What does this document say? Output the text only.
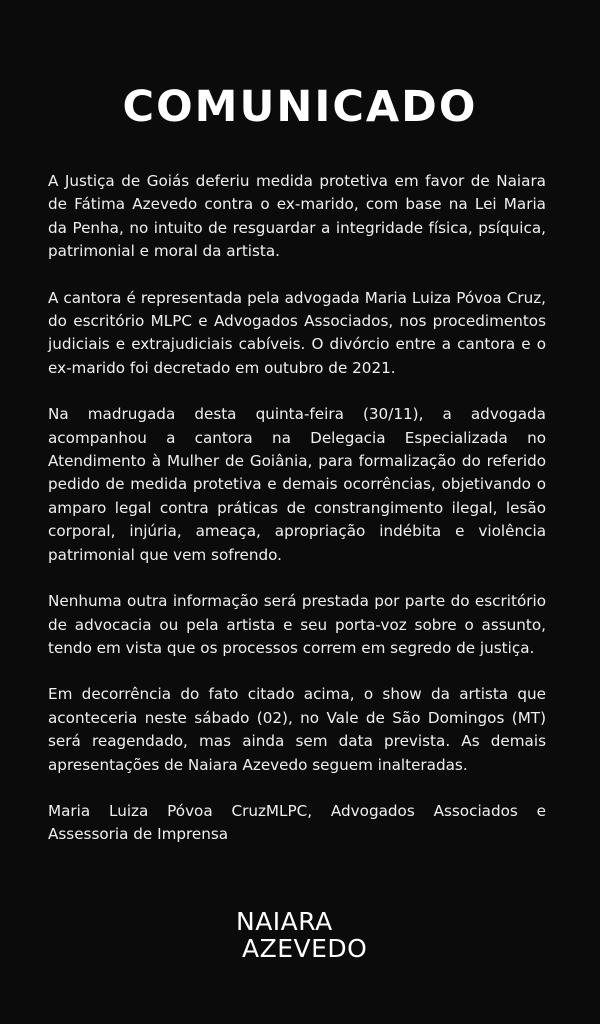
COMUNICADO

A Justiça de Goiás deferiu medida protetiva em favor de Naiara de Fátima Azevedo contra o ex-marido, com base na Lei Maria da Penha, no intuito de resguardar a integridade física, psíquica, patrimonial e moral da artista.

A cantora é representada pela advogada Maria Luiza Póvoa Cruz, do escritório MLPC e Advogados Associados, nos procedimentos judiciais e extrajudiciais cabíveis. O divórcio entre a cantora e o ex-marido foi decretado em outubro de 2021.

Na madrugada desta quinta-feira (30/11), a advogada acompanhou a cantora na Delegacia Especializada no Atendimento à Mulher de Goiânia, para formalização do referido pedido de medida protetiva e demais ocorrências, objetivando o amparo legal contra práticas de constrangimento ilegal, lesão corporal, injúria, ameaça, apropriação indébita e violência patrimonial que vem sofrendo.

Nenhuma outra informação será prestada por parte do escritório de advocacia ou pela artista e seu porta-voz sobre o assunto, tendo em vista que os processos correm em segredo de justiça.

Em decorrência do fato citado acima, o show da artista que aconteceria neste sábado (02), no Vale de São Domingos (MT) será reagendado, mas ainda sem data prevista. As demais apresentações de Naiara Azevedo seguem inalteradas.

Maria Luiza Póvoa CruzMLPC, Advogados Associados e Assessoria de Imprensa

NAIARA
AZEVEDO
